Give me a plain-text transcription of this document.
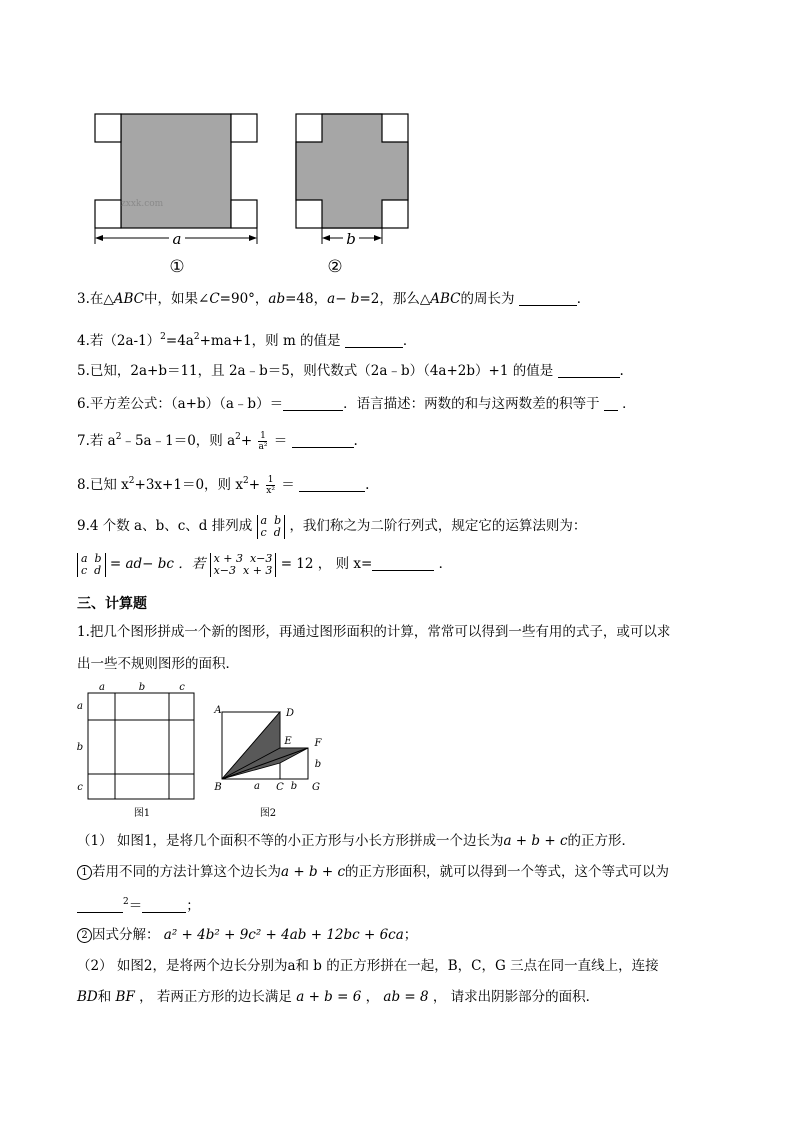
zxxk.com
a
①
b
②
3.在△ABC中，如果∠C=90°，ab=48，a− b=2，那么△ABC的周长为	．
4.若$(2a-1)^2=4a^2+ma+1$，则 m 的值是	．
5.已知，2a+b＝11，且 2a﹣b＝5，则代数式（2a﹣b）（4a+2b）+1 的值是	.
6.平方差公式：（a+b）（a﹣b）＝	．语言描述：两数的和与这两数差的积等于 ．
7.若 $a^2﹣5a﹣1=0$，则 $a^2+ \frac{1}{\text{a²}}$ ＝	.
8.已知 $x^2+3x+1=0$，则 $x^2+ \frac{1}{\text{x²}}$ ＝	.
9.4 个数 a、b、c、d 排列成 a  b
c  d ，我们称之为二阶行列式，规定它的运算法则为：
a  b
c  d = ad− bc ．若 x + 3  x−3
x−3  x + 3 = 12 ， 则 x=	．
三、计算题
1.把几个图形拼成一个新的图形，再通过图形面积的计算，常常可以得到一些有用的式子，或可以求
出一些不规则图形的面积．
a	b	c
a
b
c
图1
A	D
E F
B	C	G
a	b
b
图2
（1） 如图1，是将几个面积不等的小正方形与小长方形拼成一个边长为a + b + c的正方形．
1 若用不同的方法计算这个边长为a + b + c的正方形面积，就可以得到一个等式，这个等式可以为
$^2$＝	；
2 因式分解： a² + 4b² + 9c² + 4ab + 12bc + 6ca；
（2） 如图2，是将两个边长分别为a和 b 的正方形拼在一起，B，C，G 三点在同一直线上，连接
BD和 BF ， 若两正方形的边长满足 a + b = 6 ， ab = 8 ， 请求出阴影部分的面积．
